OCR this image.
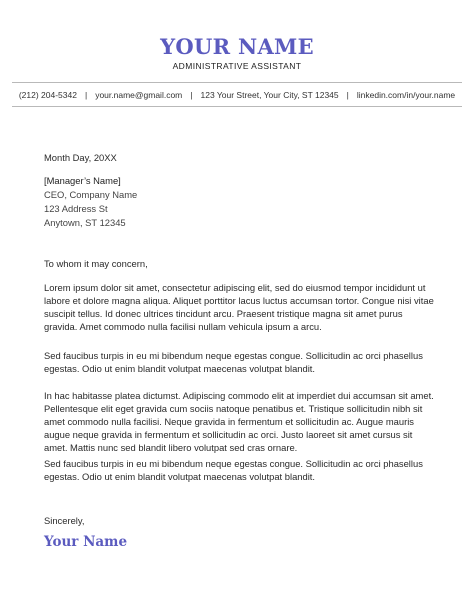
YOUR NAME
ADMINISTRATIVE ASSISTANT
(212) 204-5342 | your.name@gmail.com | 123 Your Street, Your City, ST 12345 | linkedin.com/in/your.name
Month Day, 20XX
[Manager’s Name]
CEO, Company Name
123 Address St
Anytown, ST 12345
To whom it may concern,
Lorem ipsum dolor sit amet, consectetur adipiscing elit, sed do eiusmod tempor incididunt ut labore et dolore magna aliqua. Aliquet porttitor lacus luctus accumsan tortor. Congue nisi vitae suscipit tellus. Id donec ultrices tincidunt arcu. Praesent tristique magna sit amet purus gravida. Amet commodo nulla facilisi nullam vehicula ipsum a arcu.
Sed faucibus turpis in eu mi bibendum neque egestas congue. Sollicitudin ac orci phasellus egestas. Odio ut enim blandit volutpat maecenas volutpat blandit.
In hac habitasse platea dictumst. Adipiscing commodo elit at imperdiet dui accumsan sit amet. Pellentesque elit eget gravida cum sociis natoque penatibus et. Tristique sollicitudin nibh sit amet commodo nulla facilisi. Neque gravida in fermentum et sollicitudin ac. Augue mauris augue neque gravida in fermentum et sollicitudin ac orci. Justo laoreet sit amet cursus sit amet. Mattis nunc sed blandit libero volutpat sed cras ornare.
Sed faucibus turpis in eu mi bibendum neque egestas congue. Sollicitudin ac orci phasellus egestas. Odio ut enim blandit volutpat maecenas volutpat blandit.
Sincerely,
Your Name
